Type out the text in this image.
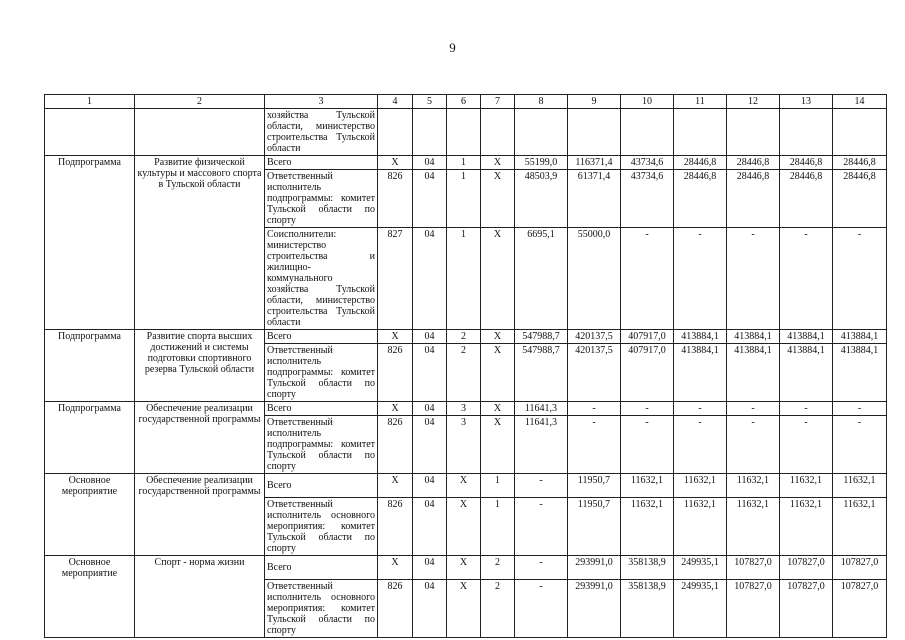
9
1	2	3	4	5	6	7	8	9	10	11	12	13	14
		хозяйства Тульской области, министерство строительства Тульской области											
Подпрограмма	Развитие физической культуры и массового спорта в Тульской области	Всего	X	04	1	X	55199,0	116371,4	43734,6	28446,8	28446,8	28446,8	28446,8
		Ответственный исполнитель подпрограммы: комитет Тульской области по спорту	826	04	1	X	48503,9	61371,4	43734,6	28446,8	28446,8	28446,8	28446,8
		Соисполнители: министерство строительства и жилищно-коммунального хозяйства Тульской области, министерство строительства Тульской области	827	04	1	X	6695,1	55000,0	-	-	-	-	-
Подпрограмма	Развитие спорта высших достижений и системы подготовки спортивного резерва Тульской области	Всего	X	04	2	X	547988,7	420137,5	407917,0	413884,1	413884,1	413884,1	413884,1
		Ответственный исполнитель подпрограммы: комитет Тульской области по спорту	826	04	2	X	547988,7	420137,5	407917,0	413884,1	413884,1	413884,1	413884,1
Подпрограмма	Обеспечение реализации государственной программы	Всего	X	04	3	X	11641,3	-	-	-	-	-	-
		Ответственный исполнитель подпрограммы: комитет Тульской области по спорту	826	04	3	X	11641,3	-	-	-	-	-	-
Основное мероприятие	Обеспечение реализации государственной программы	Всего	X	04	X	1	-	11950,7	11632,1	11632,1	11632,1	11632,1	11632,1
		Ответственный исполнитель основного мероприятия: комитет Тульской области по спорту	826	04	X	1	-	11950,7	11632,1	11632,1	11632,1	11632,1	11632,1
Основное мероприятие	Спорт - норма жизни	Всего	X	04	X	2	-	293991,0	358138,9	249935,1	107827,0	107827,0	107827,0
		Ответственный исполнитель основного мероприятия: комитет Тульской области по спорту	826	04	X	2	-	293991,0	358138,9	249935,1	107827,0	107827,0	107827,0
